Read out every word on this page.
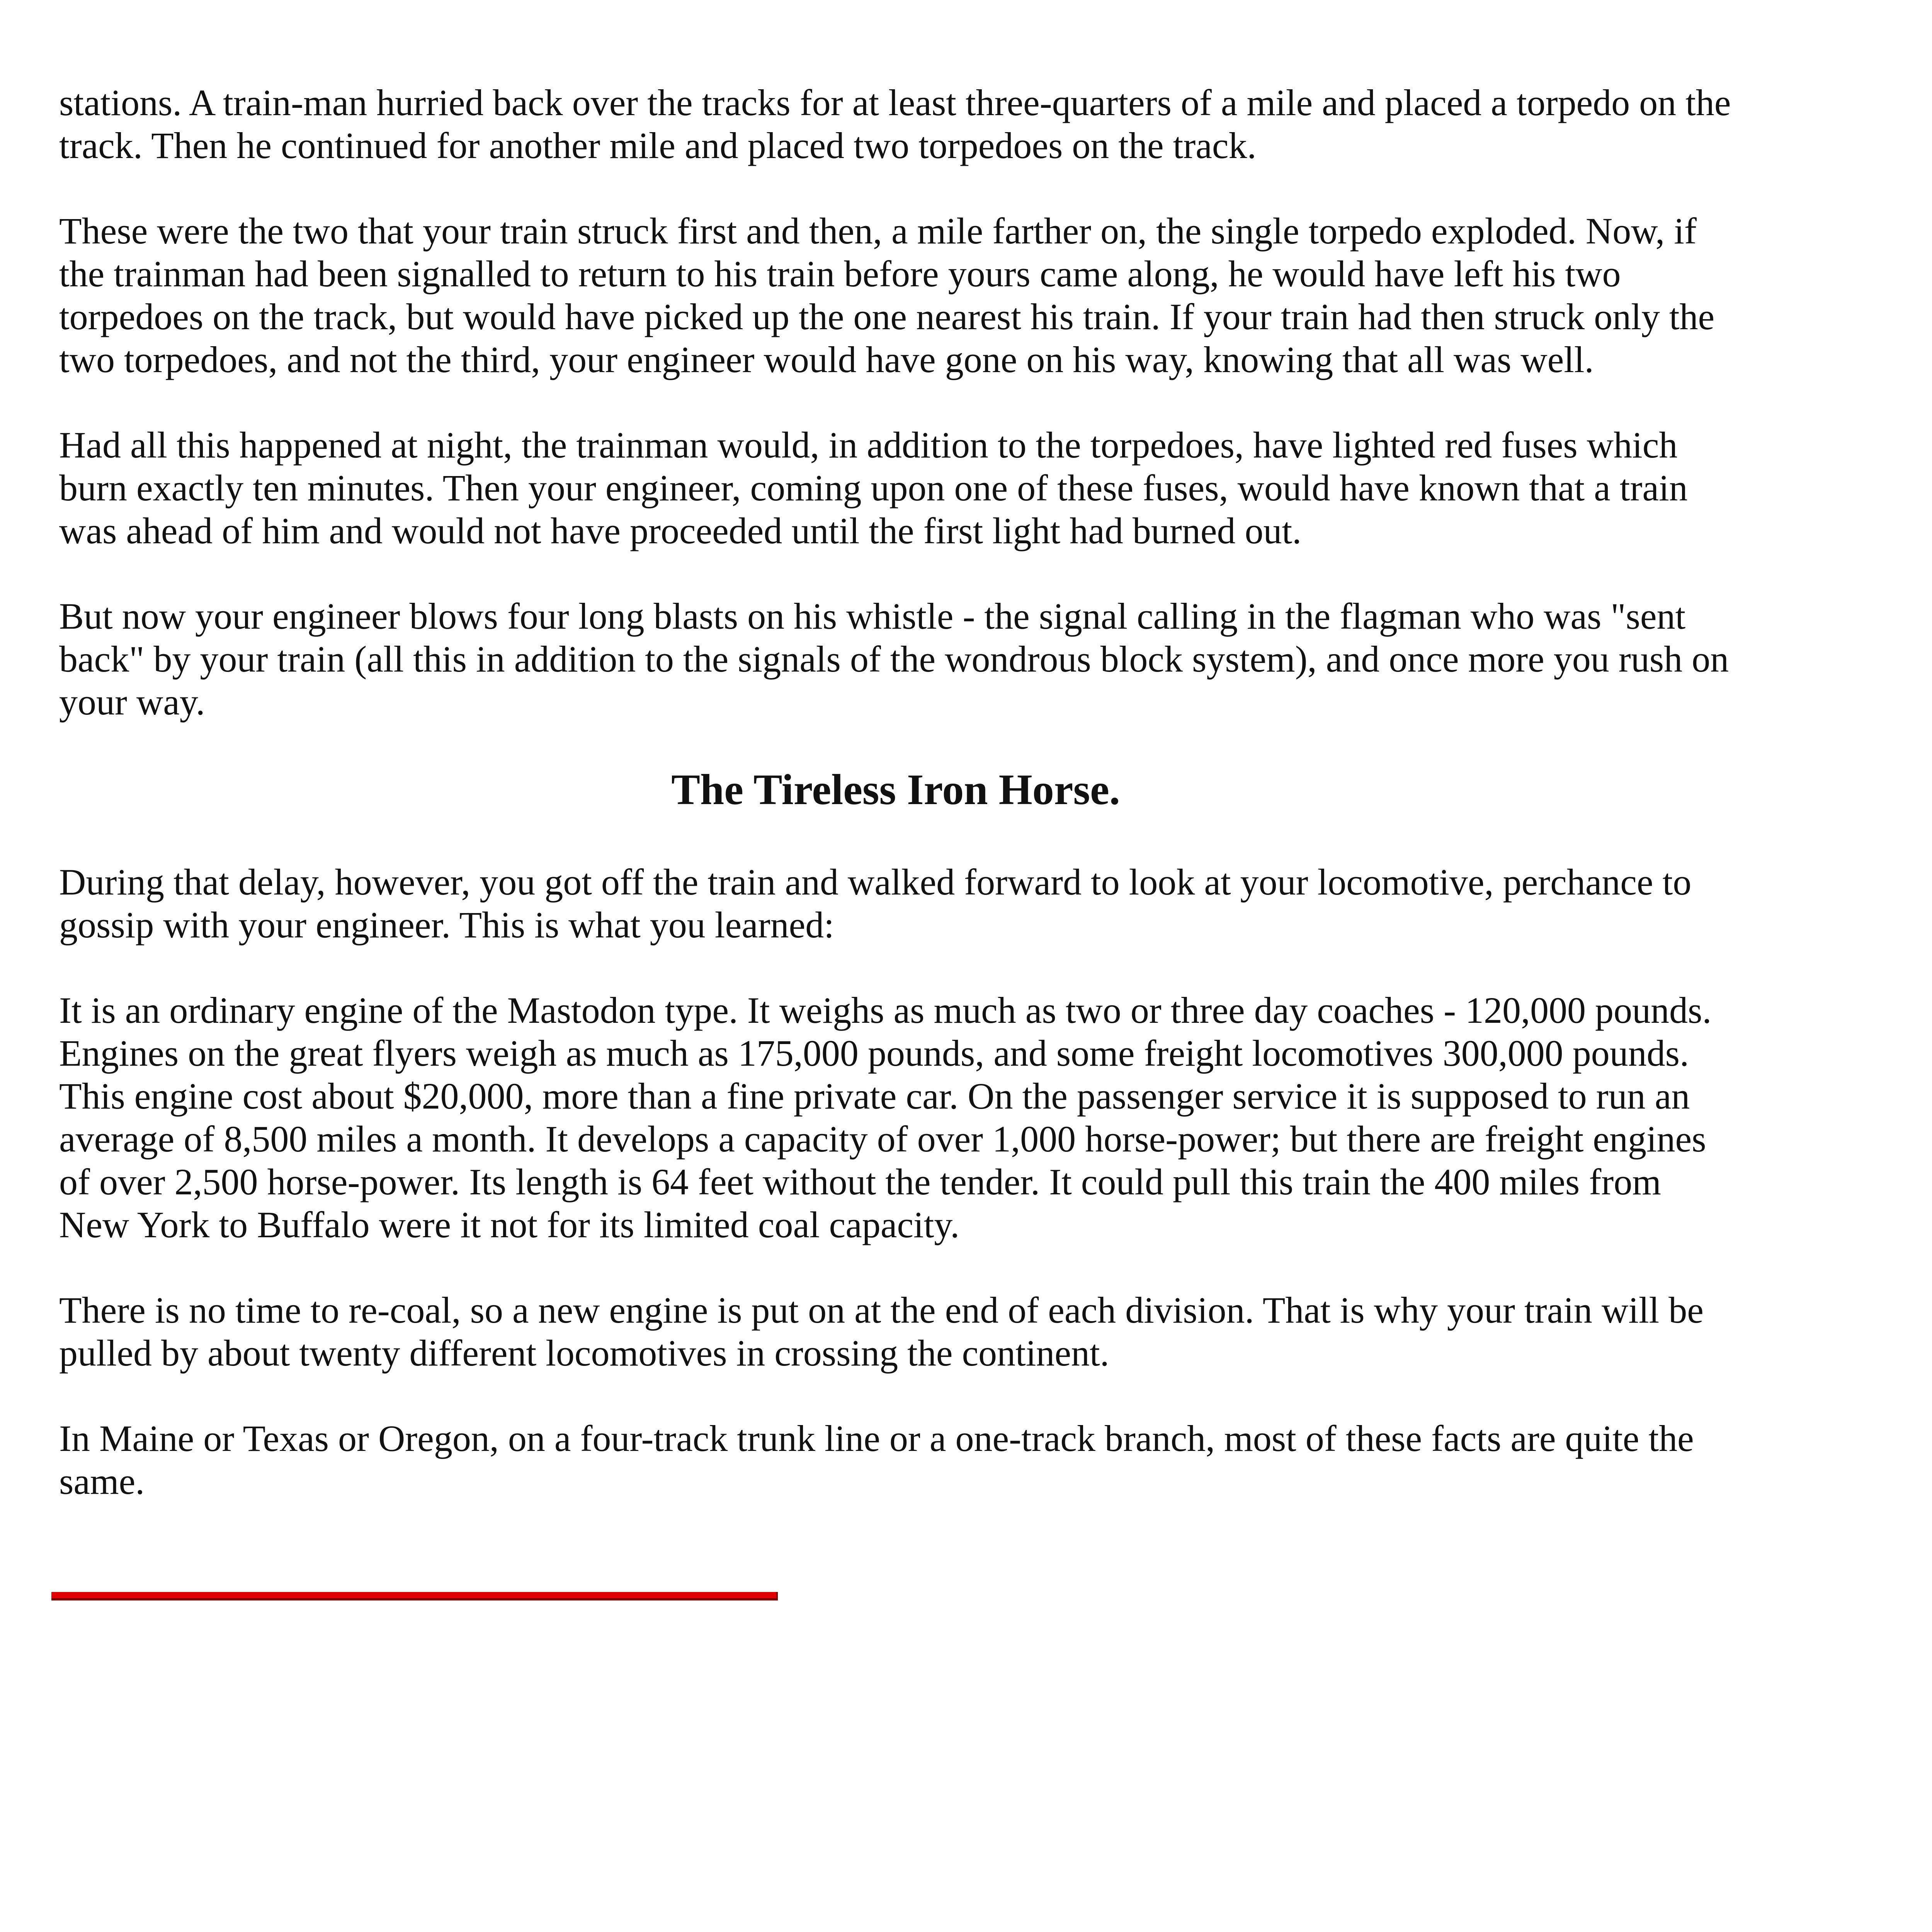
stations. A train-man hurried back over the tracks for at least three-quarters of a mile and placed a torpedo on the track. Then he continued for another mile and placed two torpedoes on the track.

These were the two that your train struck first and then, a mile farther on, the single torpedo exploded. Now, if the trainman had been signalled to return to his train before yours came along, he would have left his two torpedoes on the track, but would have picked up the one nearest his train. If your train had then struck only the two torpedoes, and not the third, your engineer would have gone on his way, knowing that all was well.

Had all this happened at night, the trainman would, in addition to the torpedoes, have lighted red fuses which burn exactly ten minutes. Then your engineer, coming upon one of these fuses, would have known that a train was ahead of him and would not have proceeded until the first light had burned out.

But now your engineer blows four long blasts on his whistle - the signal calling in the flagman who was "sent back" by your train (all this in addition to the signals of the wondrous block system), and once more you rush on your way.

The Tireless Iron Horse.

During that delay, however, you got off the train and walked forward to look at your locomotive, perchance to gossip with your engineer. This is what you learned:

It is an ordinary engine of the Mastodon type. It weighs as much as two or three day coaches - 120,000 pounds. Engines on the great flyers weigh as much as 175,000 pounds, and some freight locomotives 300,000 pounds. This engine cost about $20,000, more than a fine private car. On the passenger service it is supposed to run an average of 8,500 miles a month. It develops a capacity of over 1,000 horse-power; but there are freight engines of over 2,500 horse-power. Its length is 64 feet without the tender. It could pull this train the 400 miles from New York to Buffalo were it not for its limited coal capacity.

There is no time to re-coal, so a new engine is put on at the end of each division. That is why your train will be pulled by about twenty different locomotives in crossing the continent.

In Maine or Texas or Oregon, on a four-track trunk line or a one-track branch, most of these facts are quite the same.
